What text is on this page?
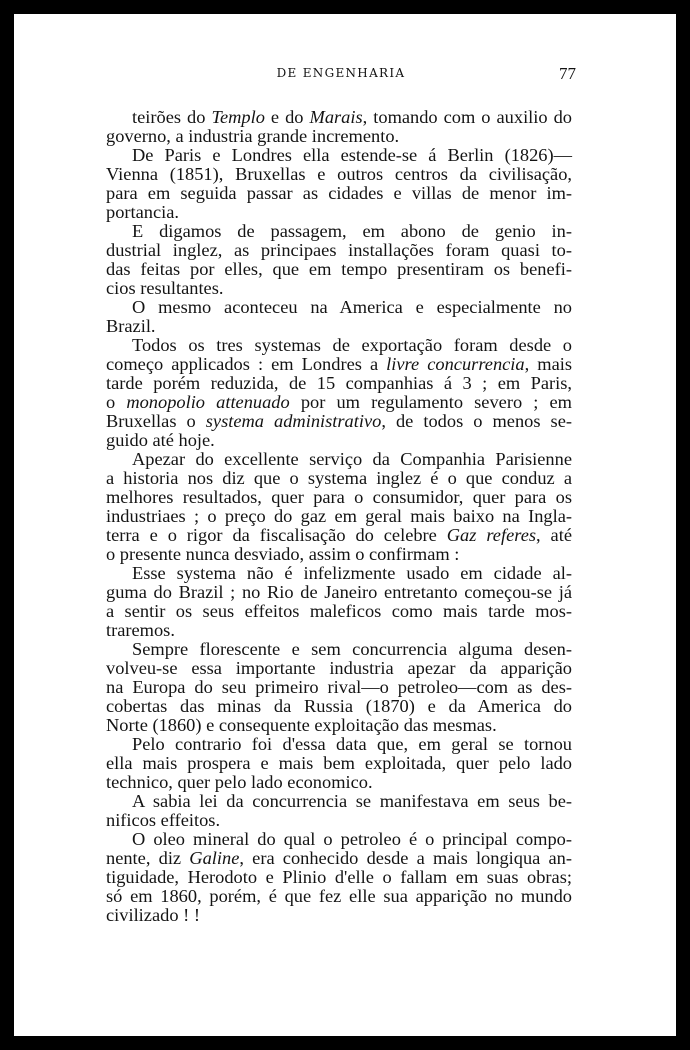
DE ENGENHARIA	77

teirões do Templo e do Marais, tomando com o auxilio do
governo, a industria grande incremento.

De Paris e Londres ella estende-se á Berlin (1826)—
Vienna (1851), Bruxellas e outros centros da civilisação,
para em seguida passar as cidades e villas de menor im-
portancia.

E digamos de passagem, em abono de genio in-
dustrial inglez, as principaes installações foram quasi to-
das feitas por elles, que em tempo presentiram os benefi-
cios resultantes.

O mesmo aconteceu na America e especialmente no
Brazil.

Todos os tres systemas de exportação foram desde o
começo applicados : em Londres a livre concurrencia, mais
tarde porém reduzida, de 15 companhias á 3 ; em Paris,
o monopolio attenuado por um regulamento severo ; em
Bruxellas o systema administrativo, de todos o menos se-
guido até hoje.

Apezar do excellente serviço da Companhia Parisienne
a historia nos diz que o systema inglez é o que conduz a
melhores resultados, quer para o consumidor, quer para os
industriaes ; o preço do gaz em geral mais baixo na Ingla-
terra e o rigor da fiscalisação do celebre Gaz referes, até
o presente nunca desviado, assim o confirmam :

Esse systema não é infelizmente usado em cidade al-
guma do Brazil ; no Rio de Janeiro entretanto começou-se já
a sentir os seus effeitos maleficos como mais tarde mos-
traremos.

Sempre florescente e sem concurrencia alguma desen-
volveu-se essa importante industria apezar da apparição
na Europa do seu primeiro rival—o petroleo—com as des-
cobertas das minas da Russia (1870) e da America do
Norte (1860) e consequente exploitação das mesmas.

Pelo contrario foi d'essa data que, em geral se tornou
ella mais prospera e mais bem exploitada, quer pelo lado
technico, quer pelo lado economico.

A sabia lei da concurrencia se manifestava em seus be-
nificos effeitos.

O oleo mineral do qual o petroleo é o principal compo-
nente, diz Galine, era conhecido desde a mais longiqua an-
tiguidade, Herodoto e Plinio d'elle o fallam em suas obras;
só em 1860, porém, é que fez elle sua apparição no mundo
civilizado ! !
